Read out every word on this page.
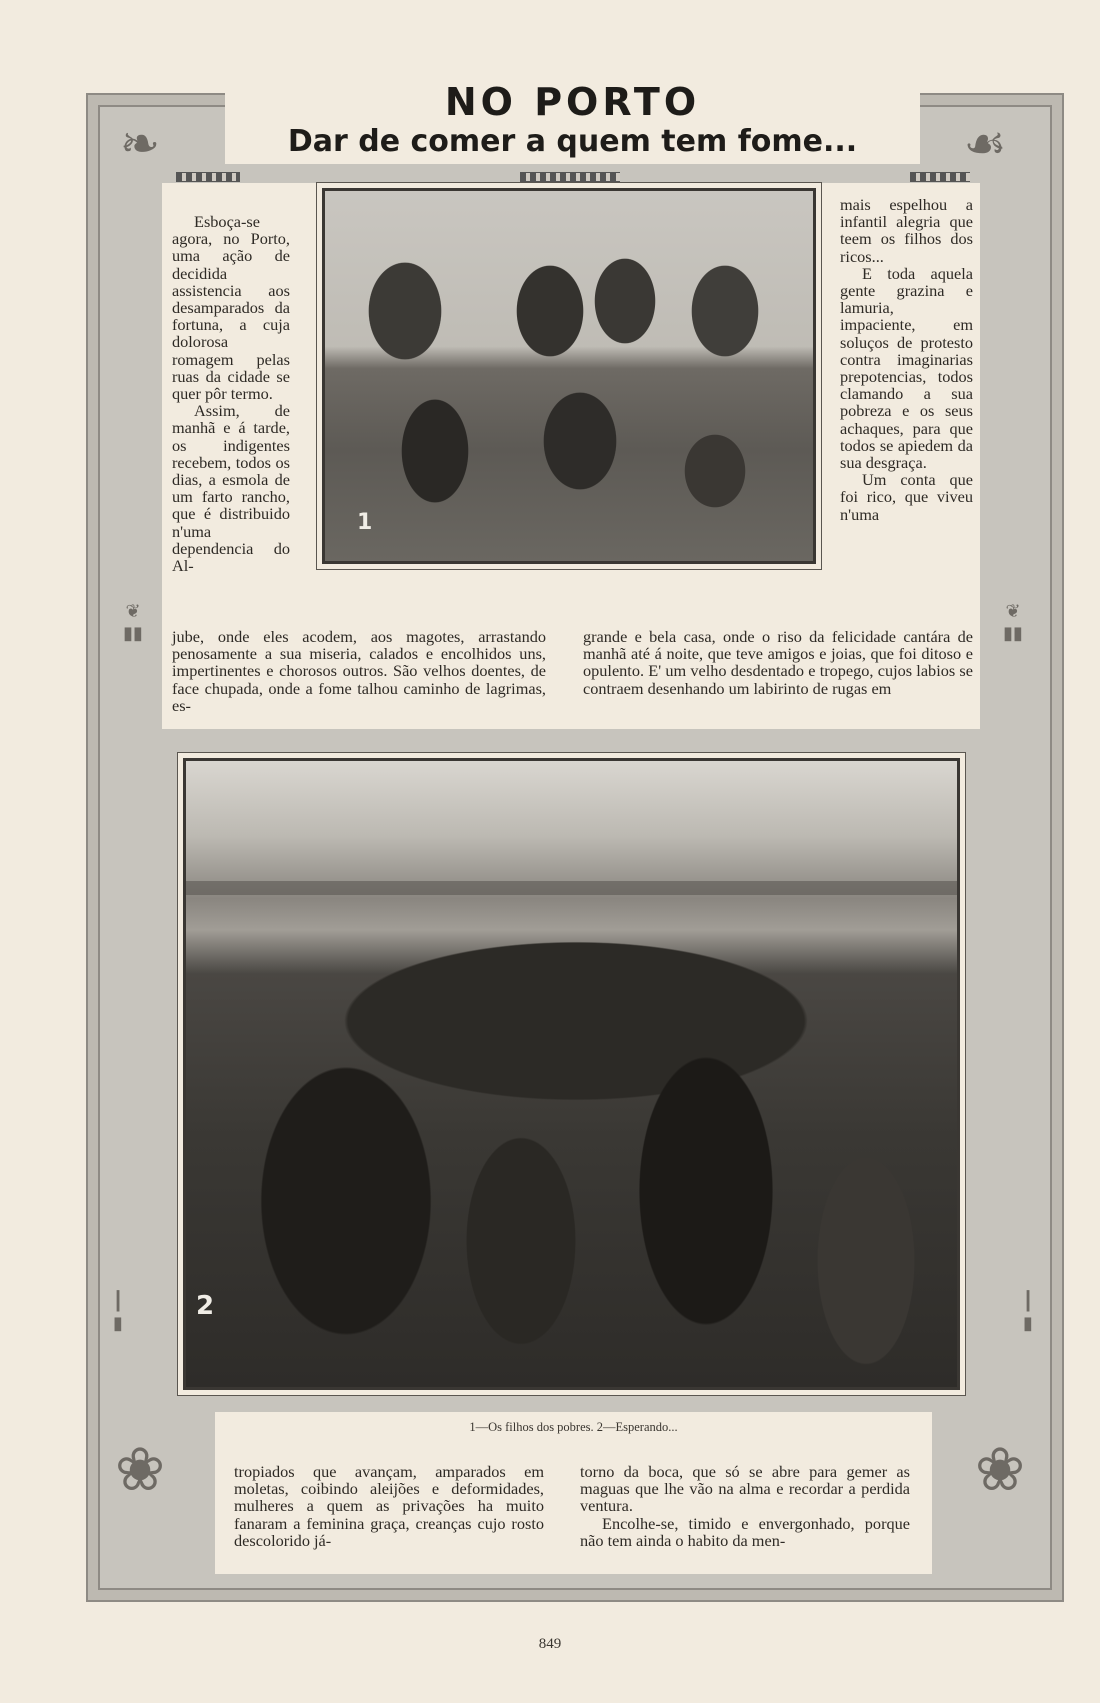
❦
▮▮
❦
▮▮
┃
▮
┃
▮
❧	☙
❀	❀
NO PORTO
Dar de comer a quem tem fome...

Esboça-se agora, no Porto, uma ação de decidida assistencia aos desamparados da fortuna, a cuja dolorosa romagem pelas ruas da cidade se quer pôr termo.

Assim, de manhã e á tarde, os indigentes recebem, todos os dias, a esmola de um farto rancho, que é distribuido n'uma dependencia do Al-

mais espelhou a infantil alegria que teem os filhos dos ricos...

E toda aquela gente grazina e lamuria, impaciente, em soluços de protesto contra imaginarias prepotencias, todos clamando a sua pobreza e os seus achaques, para que todos se apiedem da sua desgraça.

Um conta que foi rico, que viveu n'uma

jube, onde eles acodem, aos magotes, arrastando penosamente a sua miseria, calados e encolhidos uns, impertinentes e chorosos outros. São velhos doentes, de face chupada, onde a fome talhou caminho de lagrimas, es-

grande e bela casa, onde o riso da felicidade cantára de manhã até á noite, que teve amigos e joias, que foi ditoso e opulento. E' um velho desdentado e tropego, cujos labios se contraem desenhando um labirinto de rugas em

1
2
1—Os filhos dos pobres. 2—Esperando...

tropiados que avançam, amparados em moletas, coibindo aleijões e deformidades, mulheres a quem as privações ha muito fanaram a feminina graça, creanças cujo rosto descolorido já-

torno da boca, que só se abre para gemer as maguas que lhe vão na alma e recordar a perdida ventura.

Encolhe-se, timido e envergonhado, porque não tem ainda o habito da men-

849
